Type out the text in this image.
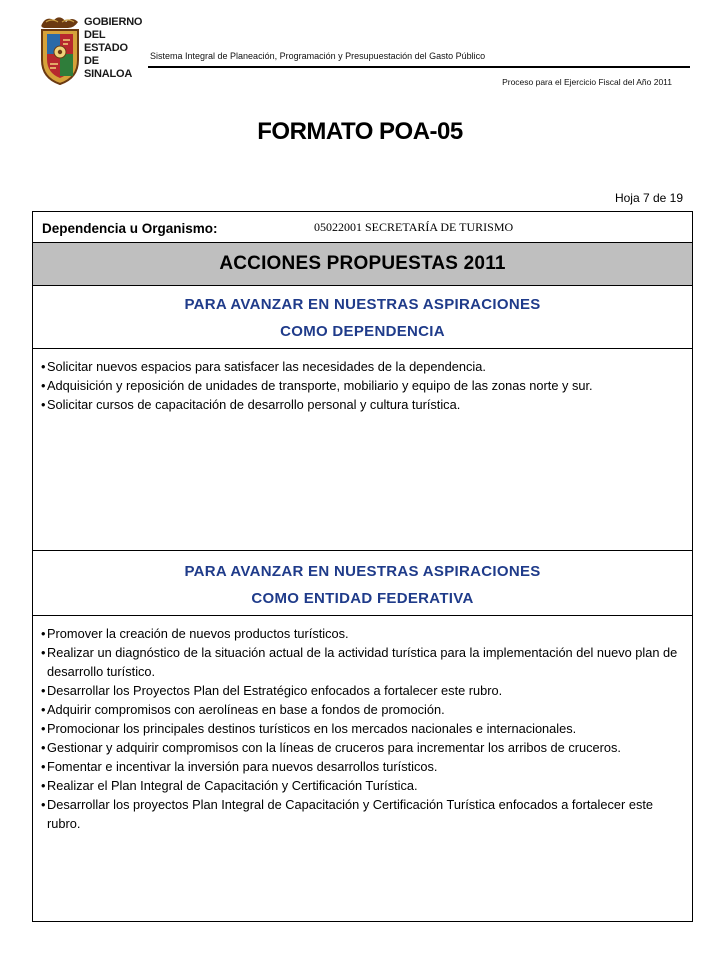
GOBIERNO
DEL ESTADO
DE SINALOA
Sistema Integral de Planeación, Programación y Presupuestación del Gasto Público
Proceso para el Ejercicio Fiscal del Año 2011
FORMATO POA-05
Hoja 7 de 19
Dependencia u Organismo:	05022001 SECRETARÍA DE TURISMO
ACCIONES PROPUESTAS 2011
PARA AVANZAR EN NUESTRAS ASPIRACIONES
COMO DEPENDENCIA
• Solicitar nuevos espacios para satisfacer las necesidades de la dependencia.
• Adquisición y reposición de unidades de transporte, mobiliario y equipo de las zonas norte y sur.
• Solicitar cursos de capacitación de desarrollo personal y cultura turística.
PARA AVANZAR EN NUESTRAS ASPIRACIONES
COMO ENTIDAD FEDERATIVA
• Promover la creación de nuevos productos turísticos.
• Realizar un diagnóstico de la situación actual de la actividad turística para la implementación del nuevo plan de desarrollo turístico.
• Desarrollar los Proyectos Plan del Estratégico enfocados a fortalecer este rubro.
• Adquirir compromisos con aerolíneas en base a fondos de promoción.
• Promocionar los principales destinos turísticos en los mercados nacionales e internacionales.
• Gestionar y adquirir compromisos con la líneas de cruceros para incrementar los arribos de cruceros.
• Fomentar e incentivar la inversión para nuevos desarrollos turísticos.
• Realizar el Plan Integral de Capacitación y Certificación Turística.
• Desarrollar los proyectos Plan Integral de Capacitación y Certificación Turística enfocados a fortalecer este rubro.
